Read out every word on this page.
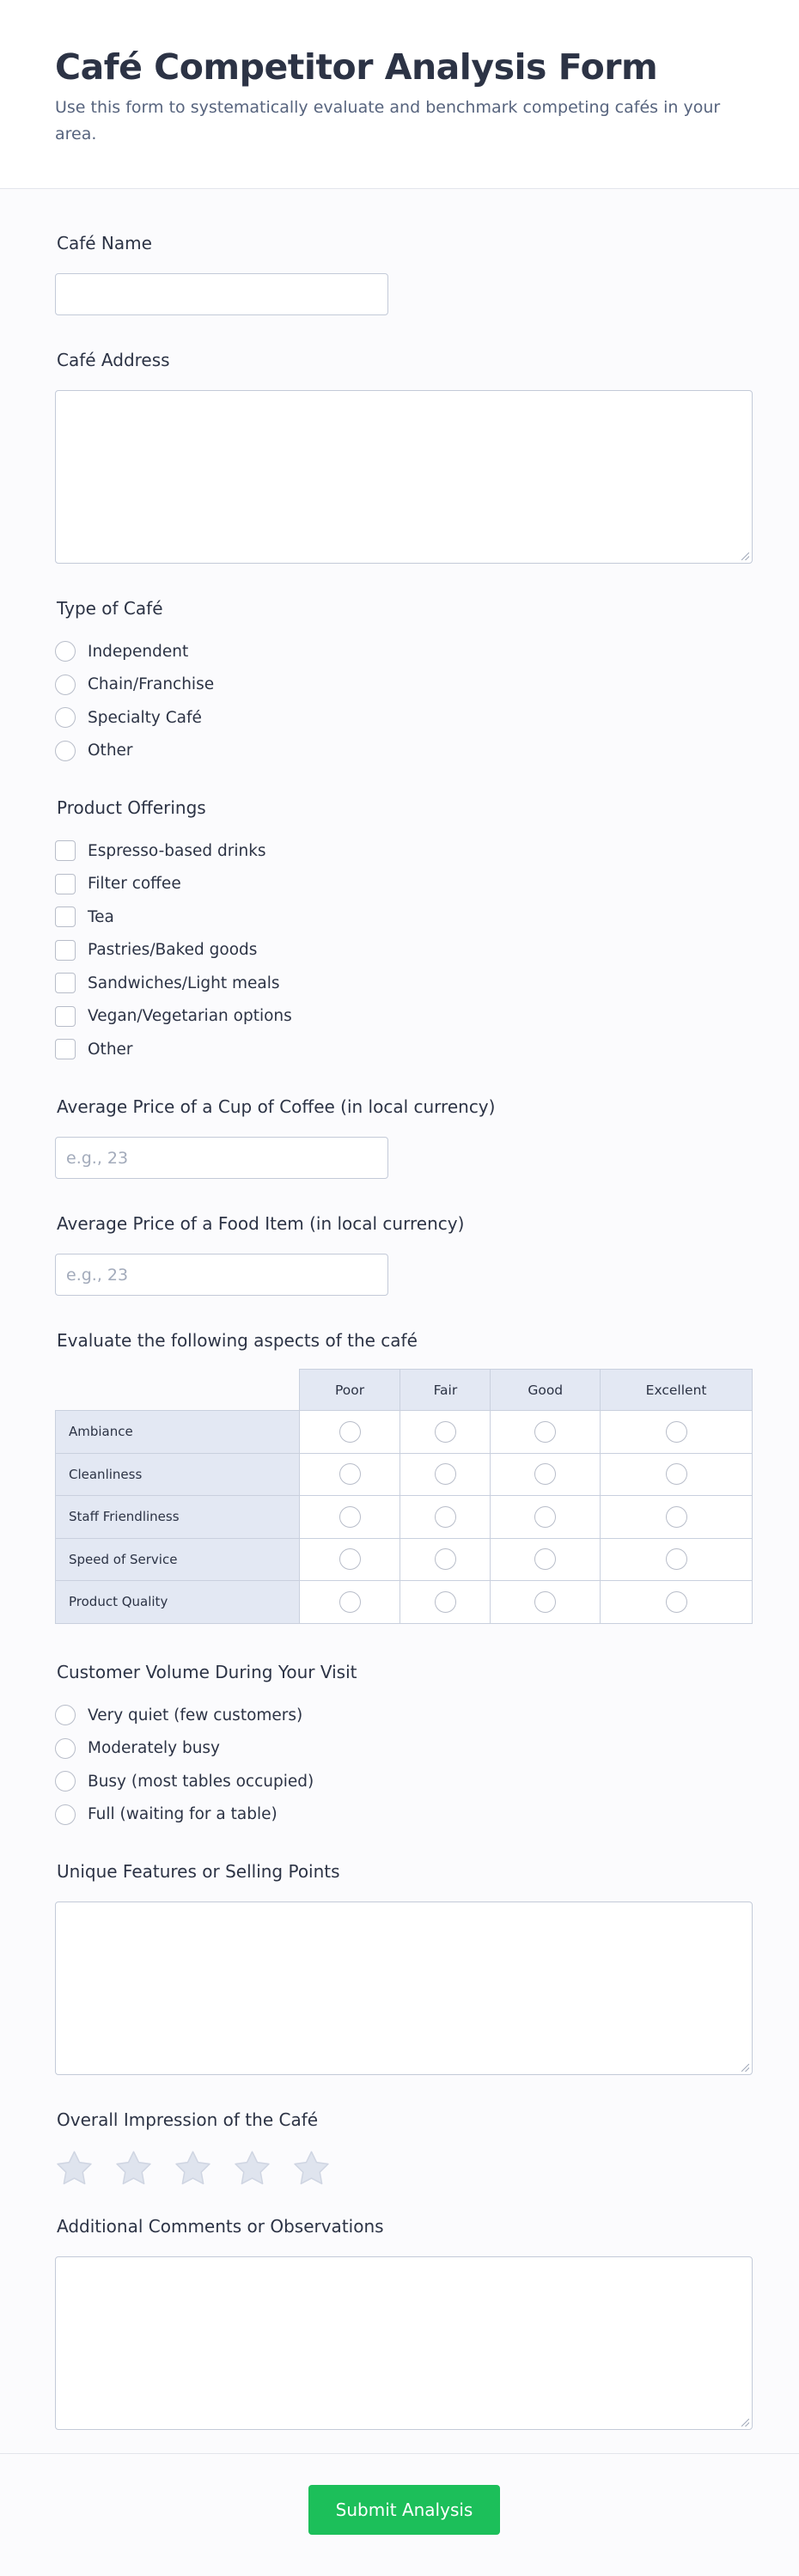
Café Competitor Analysis Form
Use this form to systematically evaluate and benchmark competing cafés in your area.
Café Name
Café Address
Type of Café
Independent
Chain/Franchise
Specialty Café
Other
Product Offerings
Espresso-based drinks
Filter coffee
Tea
Pastries/Baked goods
Sandwiches/Light meals
Vegan/Vegetarian options
Other
Average Price of a Cup of Coffee (in local currency)
e.g., 23
Average Price of a Food Item (in local currency)
e.g., 23
Evaluate the following aspects of the café
	Poor	Fair	Good	Excellent
Ambiance				
Cleanliness				
Staff Friendliness				
Speed of Service				
Product Quality				
Customer Volume During Your Visit
Very quiet (few customers)
Moderately busy
Busy (most tables occupied)
Full (waiting for a table)
Unique Features or Selling Points
Overall Impression of the Café
Additional Comments or Observations
Submit Analysis
